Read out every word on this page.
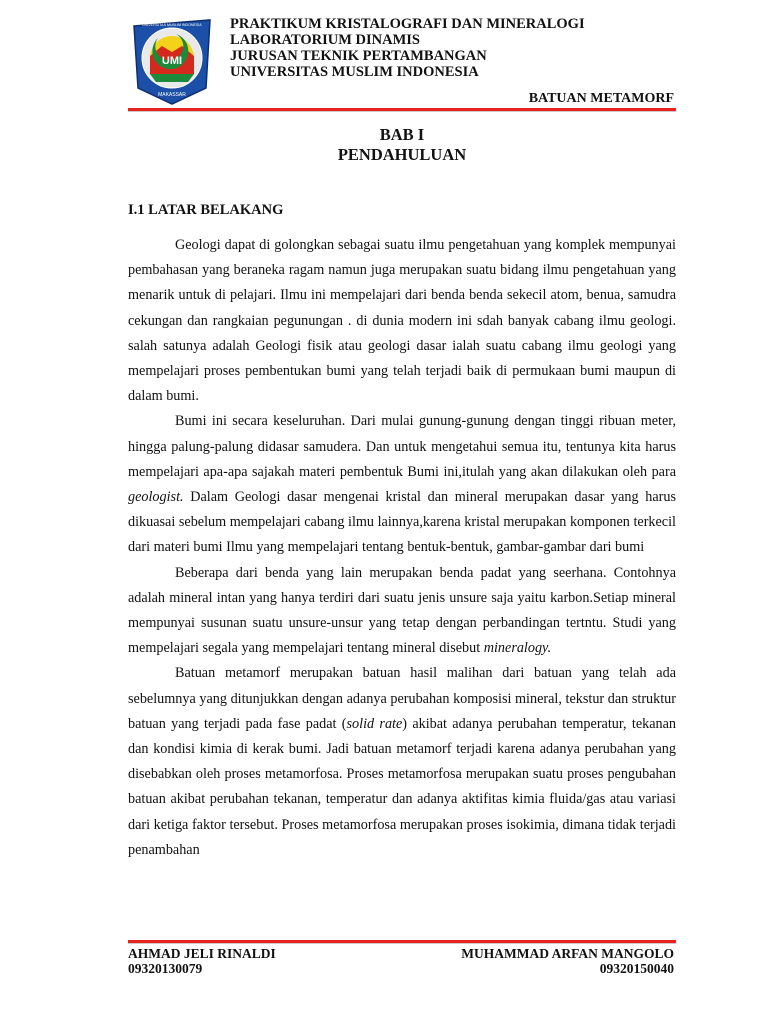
UMI
MAKASSAR
UNIVERSITAS MUSLIM INDONESIA PRAKTIKUM KRISTALOGRAFI DAN MINERALOGI
LABORATORIUM DINAMIS
JURUSAN TEKNIK PERTAMBANGAN
UNIVERSITAS MUSLIM INDONESIA
BATUAN METAMORF
BAB I
PENDAHULUAN
I.1 LATAR BELAKANG

Geologi dapat di golongkan sebagai suatu ilmu pengetahuan yang komplek mempunyai pembahasan yang beraneka ragam namun juga merupakan suatu bidang ilmu pengetahuan yang menarik untuk di pelajari. Ilmu ini mempelajari dari benda benda sekecil atom, benua, samudra cekungan dan rangkaian pegunungan . di dunia modern ini sdah banyak cabang ilmu geologi. salah satunya adalah Geologi fisik atau geologi dasar ialah suatu cabang ilmu geologi yang mempelajari proses pembentukan bumi yang telah terjadi baik di permukaan bumi maupun di dalam bumi.

Bumi ini secara keseluruhan. Dari mulai gunung-gunung dengan tinggi ribuan meter, hingga palung-palung didasar samudera. Dan untuk mengetahui semua itu, tentunya kita harus mempelajari apa-apa sajakah materi pembentuk Bumi ini,itulah yang akan dilakukan oleh para geologist. Dalam Geologi dasar mengenai kristal dan mineral merupakan dasar yang harus dikuasai sebelum mempelajari cabang ilmu lainnya,karena kristal merupakan komponen terkecil dari materi bumi Ilmu yang mempelajari tentang bentuk-bentuk, gambar-gambar dari bumi

Beberapa dari benda yang lain merupakan benda padat yang seerhana. Contohnya adalah mineral intan yang hanya terdiri dari suatu jenis unsure saja yaitu karbon.Setiap mineral mempunyai susunan suatu unsure-unsur yang tetap dengan perbandingan tertntu. Studi yang mempelajari segala yang mempelajari tentang mineral disebut mineralogy.

Batuan metamorf merupakan batuan hasil malihan dari batuan yang telah ada sebelumnya yang ditunjukkan dengan adanya perubahan komposisi mineral, tekstur dan struktur batuan yang terjadi pada fase padat (solid rate) akibat adanya perubahan temperatur, tekanan dan kondisi kimia di kerak bumi. Jadi batuan metamorf terjadi karena adanya perubahan yang disebabkan oleh proses metamorfosa. Proses metamorfosa merupakan suatu proses pengubahan batuan akibat perubahan tekanan, temperatur dan adanya aktifitas kimia fluida/gas atau variasi dari ketiga faktor tersebut. Proses metamorfosa merupakan proses isokimia, dimana tidak terjadi penambahan

AHMAD JELI RINALDI
09320130079
MUHAMMAD ARFAN MANGOLO
09320150040
